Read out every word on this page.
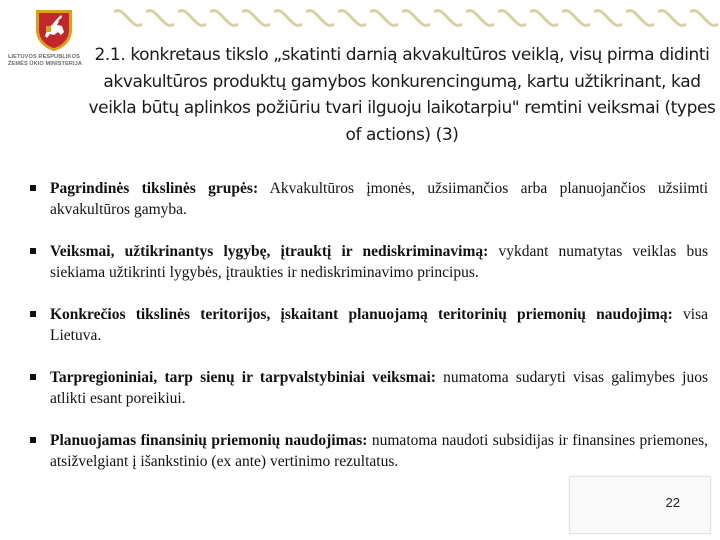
LIETUVOS RESPUBLIKOS
ŽEMĖS ŪKIO MINISTERIJA 2.1. konkretaus tikslo „skatinti darnią akvakultūros veiklą, visų pirma didinti akvakultūros produktų gamybos konkurencingumą, kartu užtikrinant, kad veikla būtų aplinkos požiūriu tvari ilguoju laikotarpiu" remtini veiksmai (types of actions) (3)
Pagrindinės tikslinės grupės: Akvakultūros įmonės, užsiimančios arba planuojančios užsiimti akvakultūros gamyba.
Veiksmai, užtikrinantys lygybę, įtrauktį ir nediskriminavimą: vykdant numatytas veiklas bus siekiama užtikrinti lygybės, įtraukties ir nediskriminavimo principus.
Konkrečios tikslinės teritorijos, įskaitant planuojamą teritorinių priemonių naudojimą: visa Lietuva.
Tarpregioniniai, tarp sienų ir tarpvalstybiniai veiksmai: numatoma sudaryti visas galimybes juos atlikti esant poreikiui.
Planuojamas finansinių priemonių naudojimas: numatoma naudoti subsidijas ir finansines priemones, atsižvelgiant į išankstinio (ex ante) vertinimo rezultatus.
22
